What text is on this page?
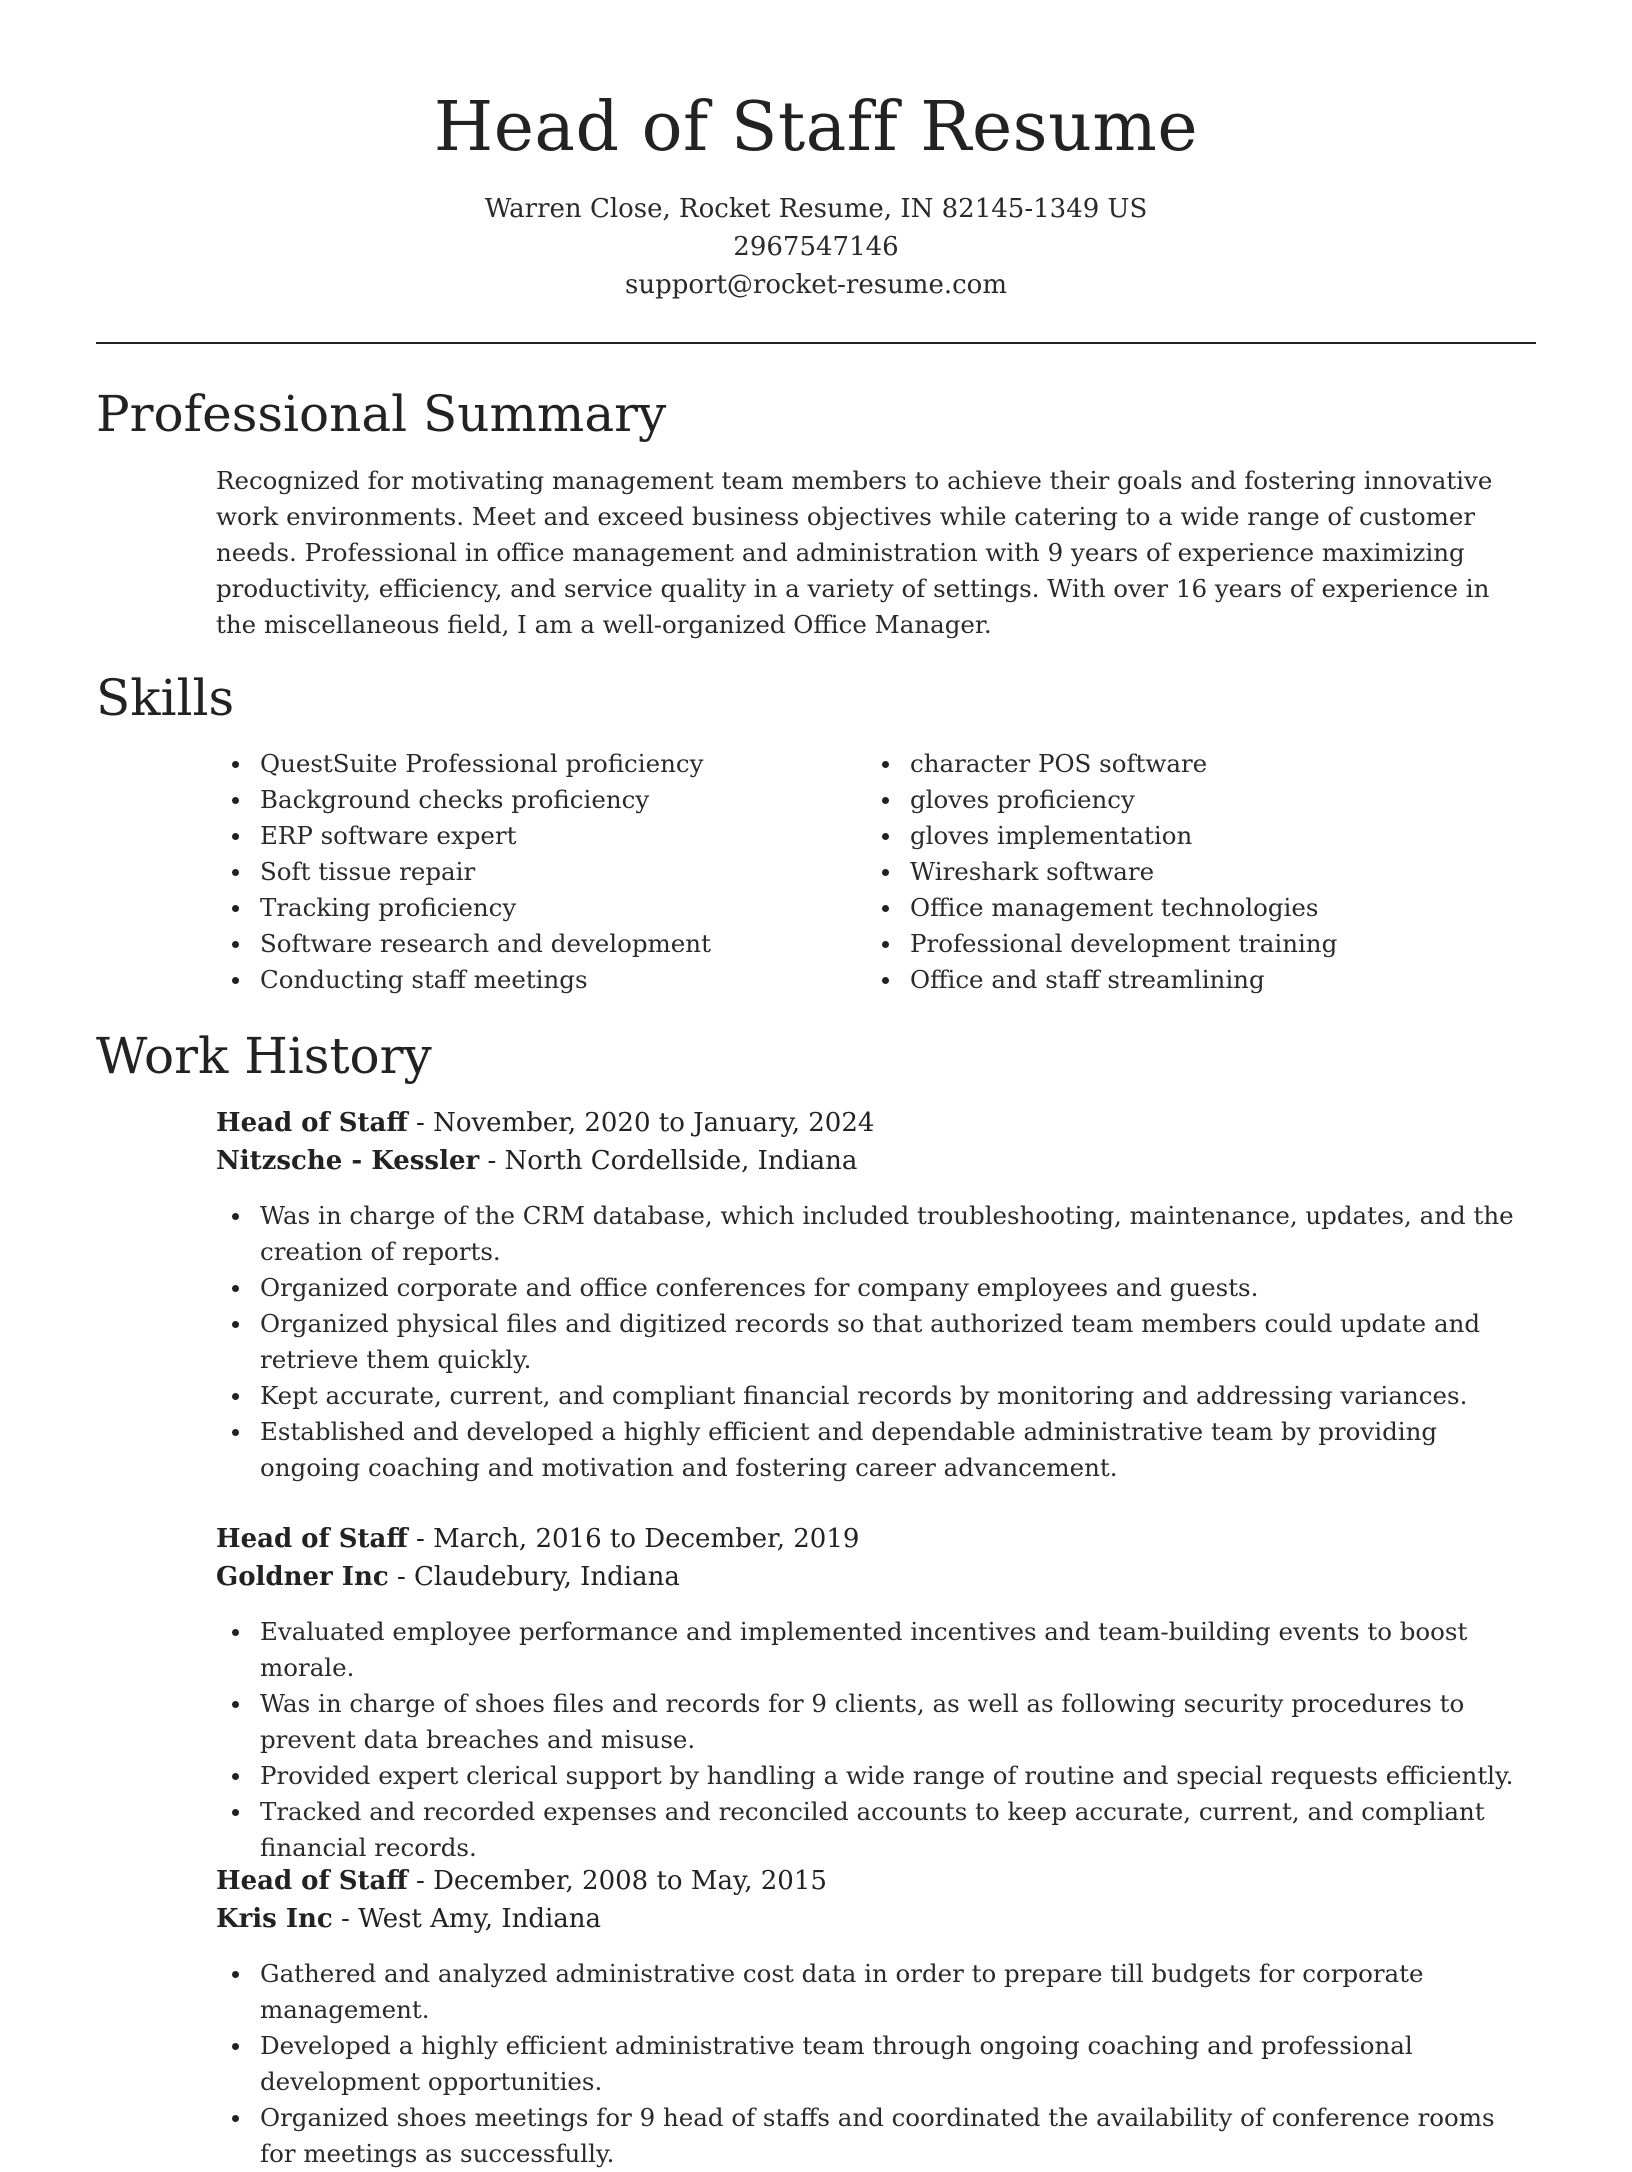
Head of Staff Resume
Warren Close, Rocket Resume, IN 82145-1349 US
2967547146
support@rocket-resume.com
Professional Summary

Recognized for motivating management team members to achieve their goals and fostering innovative work environments. Meet and exceed business objectives while catering to a wide range of customer needs. Professional in office management and administration with 9 years of experience maximizing productivity, efficiency, and service quality in a variety of settings. With over 16 years of experience in the miscellaneous field, I am a well-organized Office Manager.

Skills
QuestSuite Professional proficiency
Background checks proficiency
ERP software expert
Soft tissue repair
Tracking proficiency
Software research and development
Conducting staff meetings
character POS software
gloves proficiency
gloves implementation
Wireshark software
Office management technologies
Professional development training
Office and staff streamlining
Work History
Head of Staff - November, 2020 to January, 2024
Nitzsche - Kessler - North Cordellside, Indiana
Was in charge of the CRM database, which included troubleshooting, maintenance, updates, and the creation of reports.
Organized corporate and office conferences for company employees and guests.
Organized physical files and digitized records so that authorized team members could update and retrieve them quickly.
Kept accurate, current, and compliant financial records by monitoring and addressing variances.
Established and developed a highly efficient and dependable administrative team by providing ongoing coaching and motivation and fostering career advancement.
Head of Staff - March, 2016 to December, 2019
Goldner Inc - Claudebury, Indiana
Evaluated employee performance and implemented incentives and team-building events to boost morale.
Was in charge of shoes files and records for 9 clients, as well as following security procedures to prevent data breaches and misuse.
Provided expert clerical support by handling a wide range of routine and special requests efficiently.
Tracked and recorded expenses and reconciled accounts to keep accurate, current, and compliant financial records.
Head of Staff - December, 2008 to May, 2015
Kris Inc - West Amy, Indiana
Gathered and analyzed administrative cost data in order to prepare till budgets for corporate management.
Developed a highly efficient administrative team through ongoing coaching and professional development opportunities.
Organized shoes meetings for 9 head of staffs and coordinated the availability of conference rooms for meetings as successfully.
